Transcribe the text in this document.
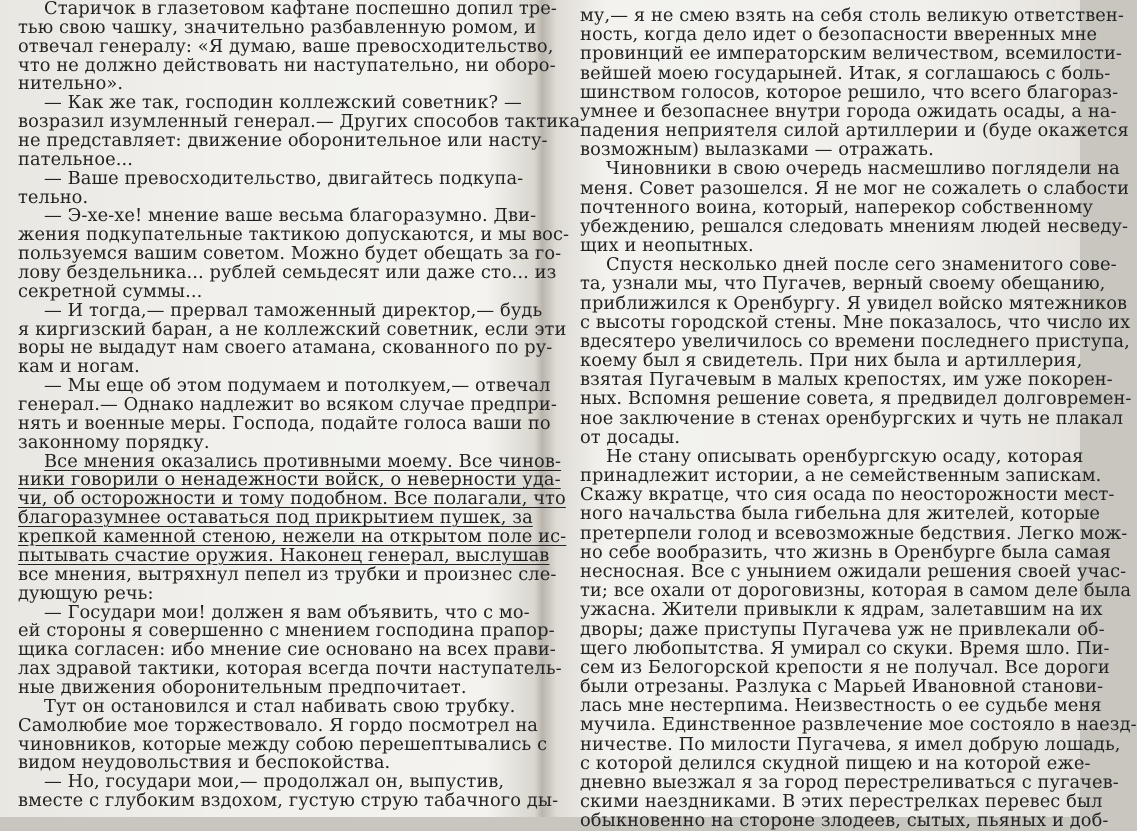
Старичок в глазетовом кафтане поспешно допил тре-
тью свою чашку, значительно разбавленную ромом, и
отвечал генералу: «Я думаю, ваше превосходительство,
что не должно действовать ни наступательно, ни оборо-
нительно».
— Как же так, господин коллежский советник? —
возразил изумленный генерал.— Других способов тактика
не представляет: движение оборонительное или насту-
пательное...
— Ваше превосходительство, двигайтесь подкупа-
тельно.
— Э-хе-хе! мнение ваше весьма благоразумно. Дви-
жения подкупательные тактикою допускаются, и мы вос-
пользуемся вашим советом. Можно будет обещать за го-
лову бездельника... рублей семьдесят или даже сто... из
секретной суммы...
— И тогда,— прервал таможенный директор,— будь
я киргизский баран, а не коллежский советник, если эти
воры не выдадут нам своего атамана, скованного по ру-
кам и ногам.
— Мы еще об этом подумаем и потолкуем,— отвечал
генерал.— Однако надлежит во всяком случае предпри-
нять и военные меры. Господа, подайте голоса ваши по
законному порядку.
Все мнения оказались противными моему. Все чинов-
ники говорили о ненадежности войск, о неверности уда-
чи, об осторожности и тому подобном. Все полагали, что
благоразумнее оставаться под прикрытием пушек, за
крепкой каменной стеною, нежели на открытом поле ис-
пытывать счастие оружия. Наконец генерал, выслушав
все мнения, вытряхнул пепел из трубки и произнес сле-
дующую речь:
— Государи мои! должен я вам объявить, что с мо-
ей стороны я совершенно с мнением господина прапор-
щика согласен: ибо мнение сие основано на всех прави-
лах здравой тактики, которая всегда почти наступатель-
ные движения оборонительным предпочитает.
Тут он остановился и стал набивать свою трубку.
Самолюбие мое торжествовало. Я гордо посмотрел на
чиновников, которые между собою перешептывались с
видом неудовольствия и беспокойства.
— Но, государи мои,— продолжал он, выпустив,
вместе с глубоким вздохом, густую струю табачного ды-
му,— я не смею взять на себя столь великую ответствен-
ность, когда дело идет о безопасности вверенных мне
провинций ее императорским величеством, всемилости-
вейшей моею государыней. Итак, я соглашаюсь с боль-
шинством голосов, которое решило, что всего благораз-
умнее и безопаснее внутри города ожидать осады, а на-
падения неприятеля силой артиллерии и (буде окажется
возможным) вылазками — отражать.
Чиновники в свою очередь насмешливо поглядели на
меня. Совет разошелся. Я не мог не сожалеть о слабости
почтенного воина, который, наперекор собственному
убеждению, решался следовать мнениям людей несведу-
щих и неопытных.
Спустя несколько дней после сего знаменитого сове-
та, узнали мы, что Пугачев, верный своему обещанию,
приближился к Оренбургу. Я увидел войско мятежников
с высоты городской стены. Мне показалось, что число их
вдесятеро увеличилось со времени последнего приступа,
коему был я свидетель. При них была и артиллерия,
взятая Пугачевым в малых крепостях, им уже покорен-
ных. Вспомня решение совета, я предвидел долговремен-
ное заключение в стенах оренбургских и чуть не плакал
от досады.
Не стану описывать оренбургскую осаду, которая
принадлежит истории, а не семейственным запискам.
Скажу вкратце, что сия осада по неосторожности мест-
ного начальства была гибельна для жителей, которые
претерпели голод и всевозможные бедствия. Легко мож-
но себе вообразить, что жизнь в Оренбурге была самая
несносная. Все с унынием ожидали решения своей учас-
ти; все охали от дороговизны, которая в самом деле была
ужасна. Жители привыкли к ядрам, залетавшим на их
дворы; даже приступы Пугачева уж не привлекали об-
щего любопытства. Я умирал со скуки. Время шло. Пи-
сем из Белогорской крепости я не получал. Все дороги
были отрезаны. Разлука с Марьей Ивановной станови-
лась мне нестерпима. Неизвестность о ее судьбе меня
мучила. Единственное развлечение мое состояло в наезд-
ничестве. По милости Пугачева, я имел добрую лошадь,
с которой делился скудной пищею и на которой еже-
дневно выезжал я за город перестреливаться с пугачев-
скими наездниками. В этих перестрелках перевес был
обыкновенно на стороне злодеев, сытых, пьяных и доб-
